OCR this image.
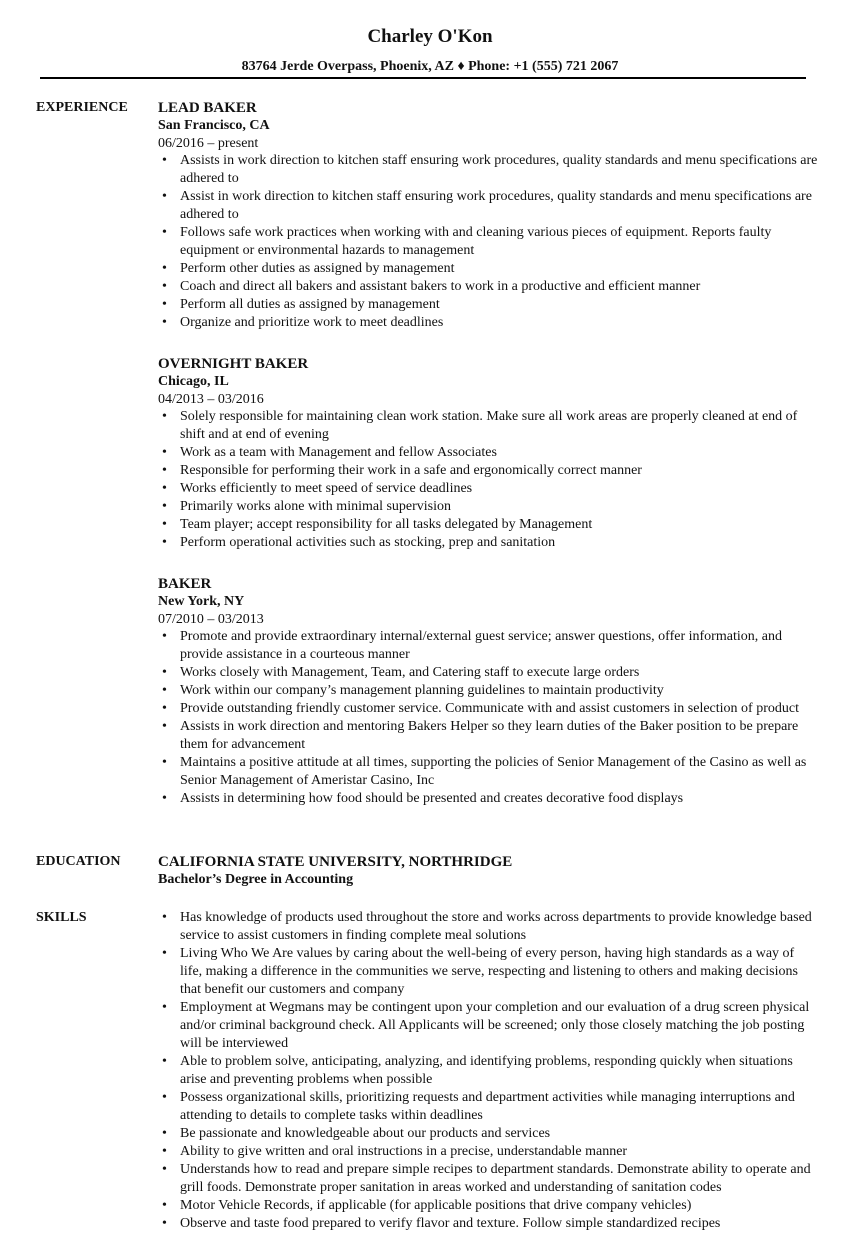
Charley O'Kon
83764 Jerde Overpass, Phoenix, AZ ♦ Phone: +1 (555) 721 2067
EXPERIENCE LEAD BAKER
San Francisco, CA
06/2016 – present
• Assists in work direction to kitchen staff ensuring work procedures, quality standards and menu specifications are adhered to
• Assist in work direction to kitchen staff ensuring work procedures, quality standards and menu specifications are adhered to
• Follows safe work practices when working with and cleaning various pieces of equipment. Reports faulty equipment or environmental hazards to management
• Perform other duties as assigned by management
• Coach and direct all bakers and assistant bakers to work in a productive and efficient manner
• Perform all duties as assigned by management
• Organize and prioritize work to meet deadlines
OVERNIGHT BAKER
Chicago, IL
04/2013 – 03/2016
• Solely responsible for maintaining clean work station. Make sure all work areas are properly cleaned at end of shift and at end of evening
• Work as a team with Management and fellow Associates
• Responsible for performing their work in a safe and ergonomically correct manner
• Works efficiently to meet speed of service deadlines
• Primarily works alone with minimal supervision
• Team player; accept responsibility for all tasks delegated by Management
• Perform operational activities such as stocking, prep and sanitation
BAKER
New York, NY
07/2010 – 03/2013
• Promote and provide extraordinary internal/external guest service; answer questions, offer information, and provide assistance in a courteous manner
• Works closely with Management, Team, and Catering staff to execute large orders
• Work within our company’s management planning guidelines to maintain productivity
• Provide outstanding friendly customer service. Communicate with and assist customers in selection of product
• Assists in work direction and mentoring Bakers Helper so they learn duties of the Baker position to be prepare them for advancement
• Maintains a positive attitude at all times, supporting the policies of Senior Management of the Casino as well as Senior Management of Ameristar Casino, Inc
• Assists in determining how food should be presented and creates decorative food displays
EDUCATION CALIFORNIA STATE UNIVERSITY, NORTHRIDGE
Bachelor’s Degree in Accounting
SKILLS
•	Has knowledge of products used throughout the store and works across departments to provide knowledge based service to assist customers in finding complete meal solutions
• Living Who We Are values by caring about the well-being of every person, having high standards as a way of life, making a difference in the communities we serve, respecting and listening to others and making decisions that benefit our customers and company
• Employment at Wegmans may be contingent upon your completion and our evaluation of a drug screen physical and/or criminal background check. All Applicants will be screened; only those closely matching the job posting will be interviewed
• Able to problem solve, anticipating, analyzing, and identifying problems, responding quickly when situations arise and preventing problems when possible
• Possess organizational skills, prioritizing requests and department activities while managing interruptions and attending to details to complete tasks within deadlines
• Be passionate and knowledgeable about our products and services
• Ability to give written and oral instructions in a precise, understandable manner
• Understands how to read and prepare simple recipes to department standards. Demonstrate ability to operate and grill foods. Demonstrate proper sanitation in areas worked and understanding of sanitation codes
• Motor Vehicle Records, if applicable (for applicable positions that drive company vehicles)
• Observe and taste food prepared to verify flavor and texture. Follow simple standardized recipes
